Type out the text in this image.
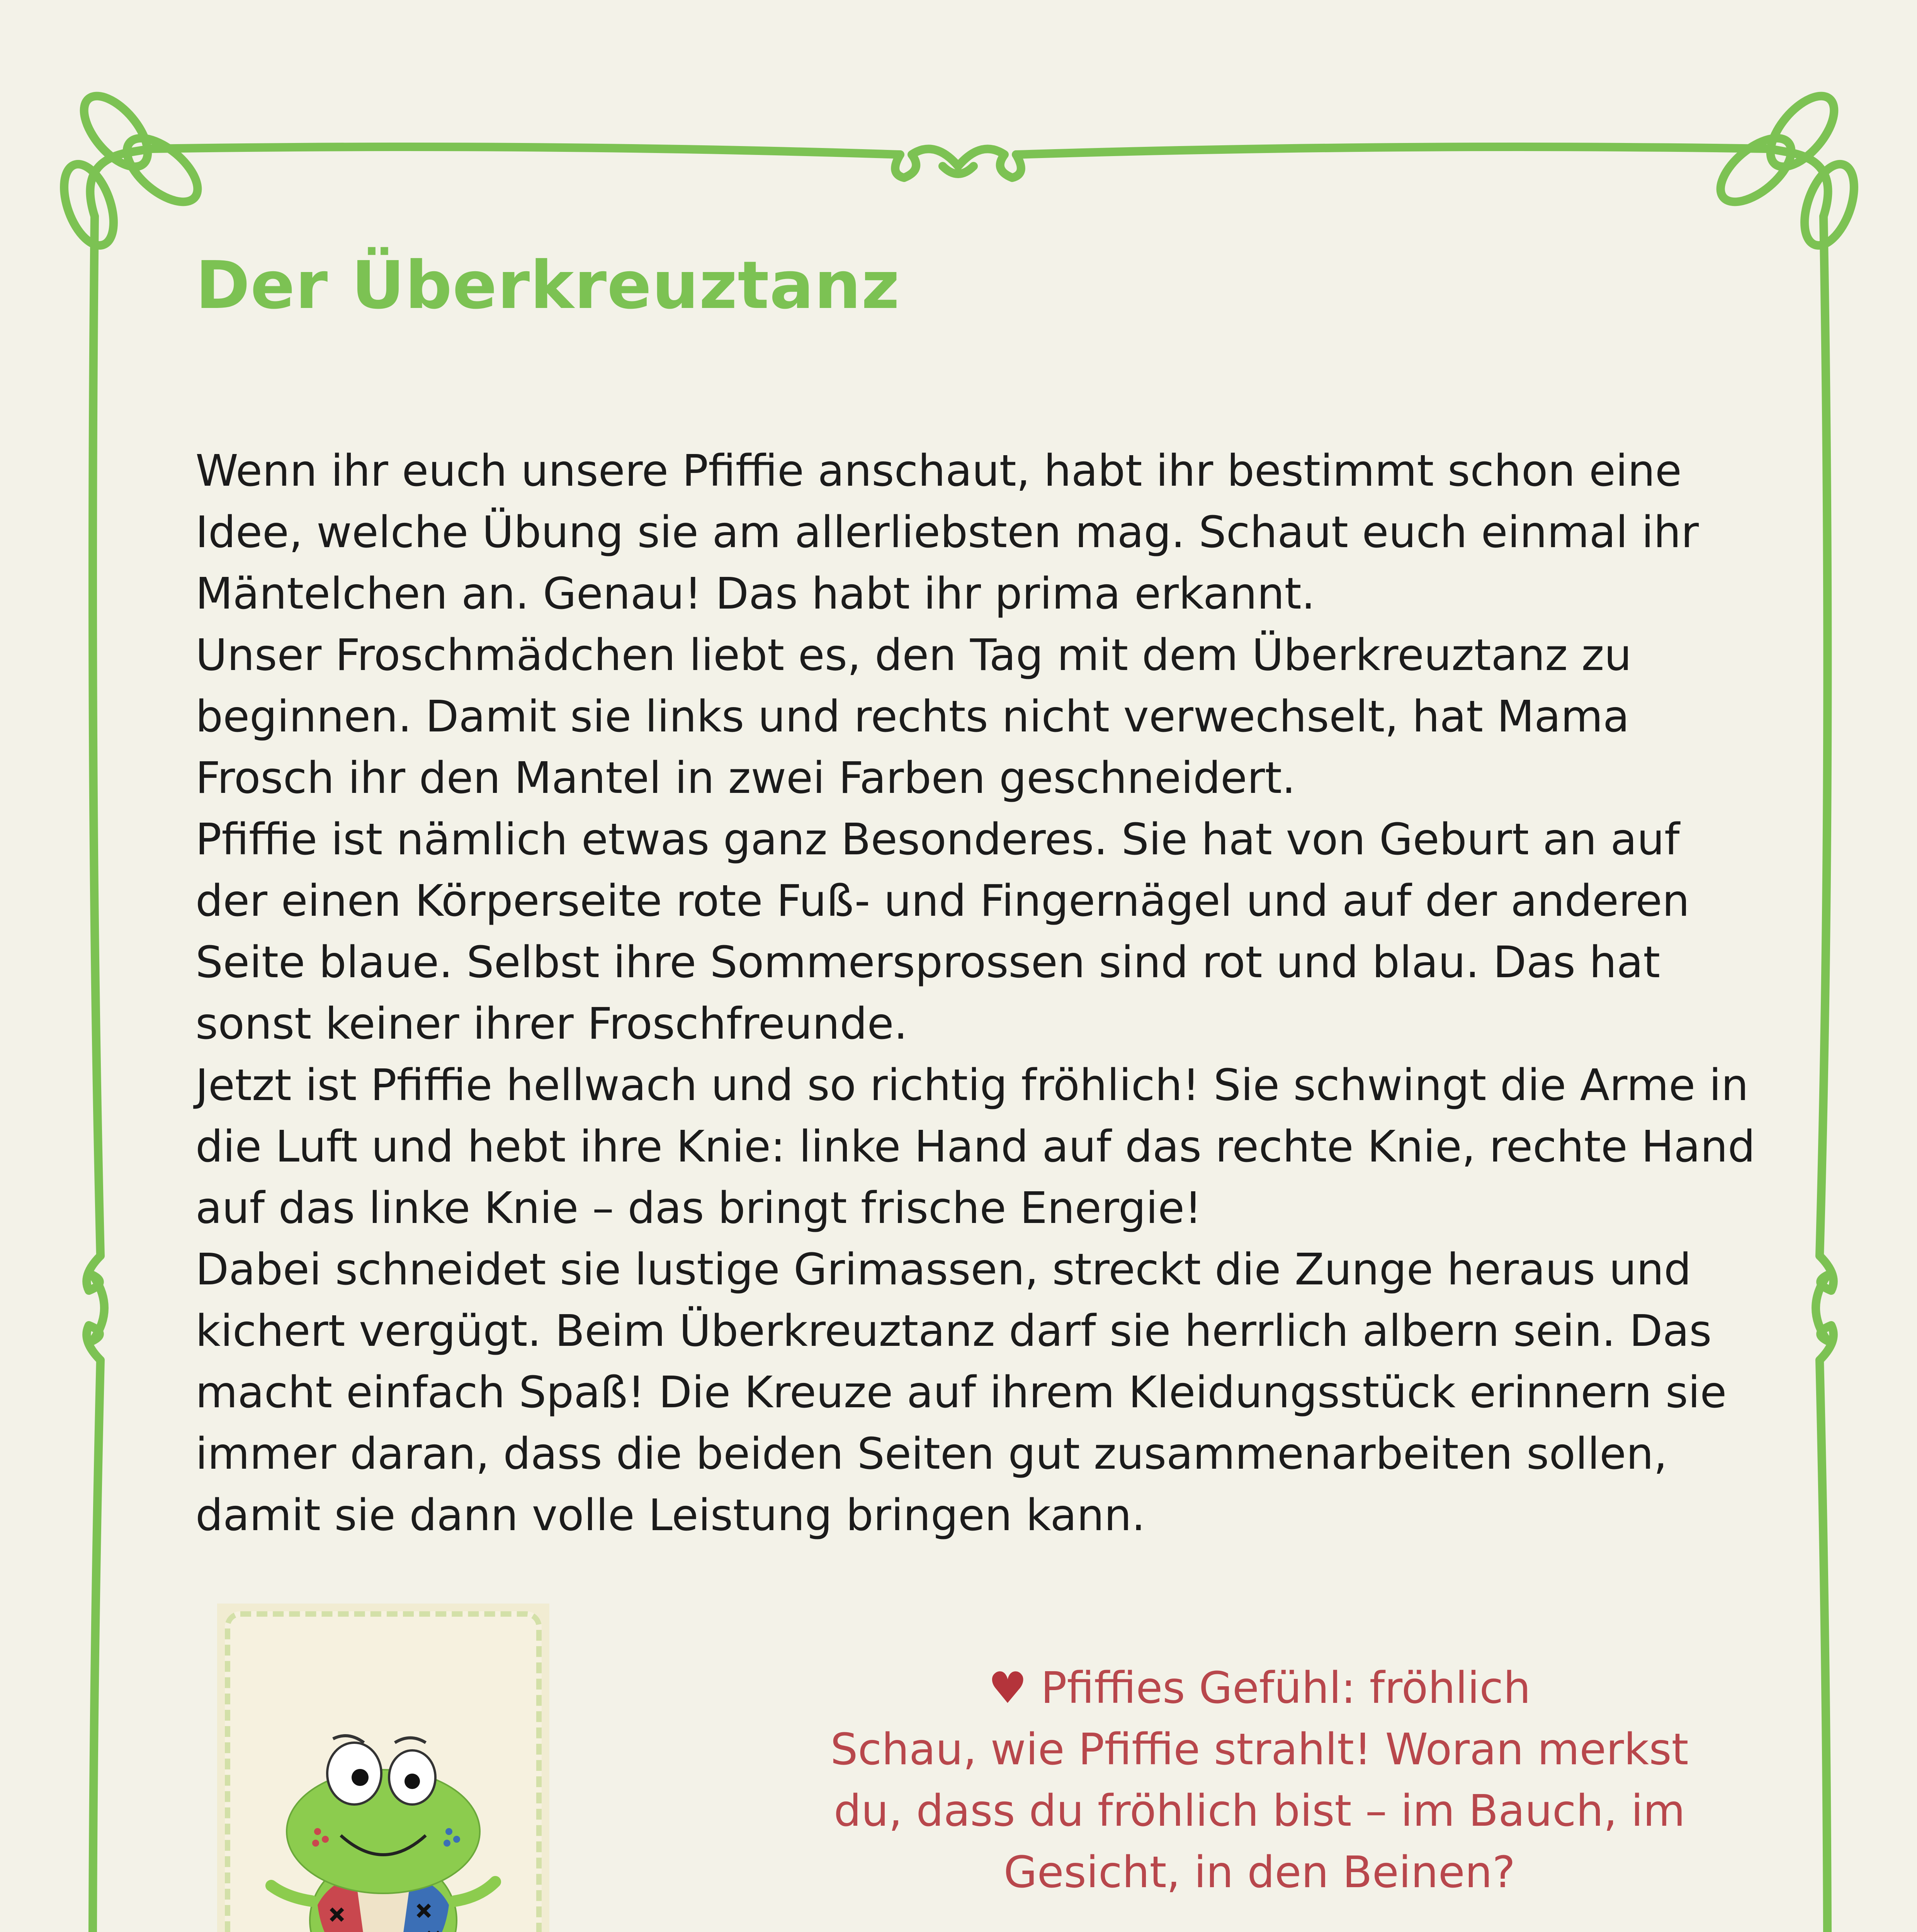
Der Überkreuztanz

Wenn ihr euch unsere Pfiffie anschaut, habt ihr bestimmt schon eine Idee, welche Übung sie am allerliebsten mag. Schaut euch einmal ihr Mäntelchen an. Genau! Das habt ihr prima erkannt.

Unser Froschmädchen liebt es, den Tag mit dem Überkreuztanz zu beginnen. Damit sie links und rechts nicht verwechselt, hat Mama Frosch ihr den Mantel in zwei Farben geschneidert.

Pfiffie ist nämlich etwas ganz Besonderes. Sie hat von Geburt an auf der einen Körperseite rote Fuß- und Fingernägel und auf der anderen Seite blaue. Selbst ihre Sommersprossen sind rot und blau. Das hat sonst keiner ihrer Froschfreunde.

Jetzt ist Pfiffie hellwach und so richtig fröhlich! Sie schwingt die Arme in die Luft und hebt ihre Knie: linke Hand auf das rechte Knie, rechte Hand auf das linke Knie – das bringt frische Energie!

Dabei schneidet sie lustige Grimassen, streckt die Zunge heraus und kichert vergügt. Beim Überkreuztanz darf sie herrlich albern sein. Das macht einfach Spaß! Die Kreuze auf ihrem Kleidungsstück erinnern sie immer daran, dass die beiden Seiten gut zusammenarbeiten sollen, damit sie dann volle Leistung bringen kann.

♥ Pfiffies Gefühl: fröhlich

Schau, wie Pfiffie strahlt! Woran merkst du, dass du fröhlich bist – im Bauch, im Gesicht, in den Beinen?
